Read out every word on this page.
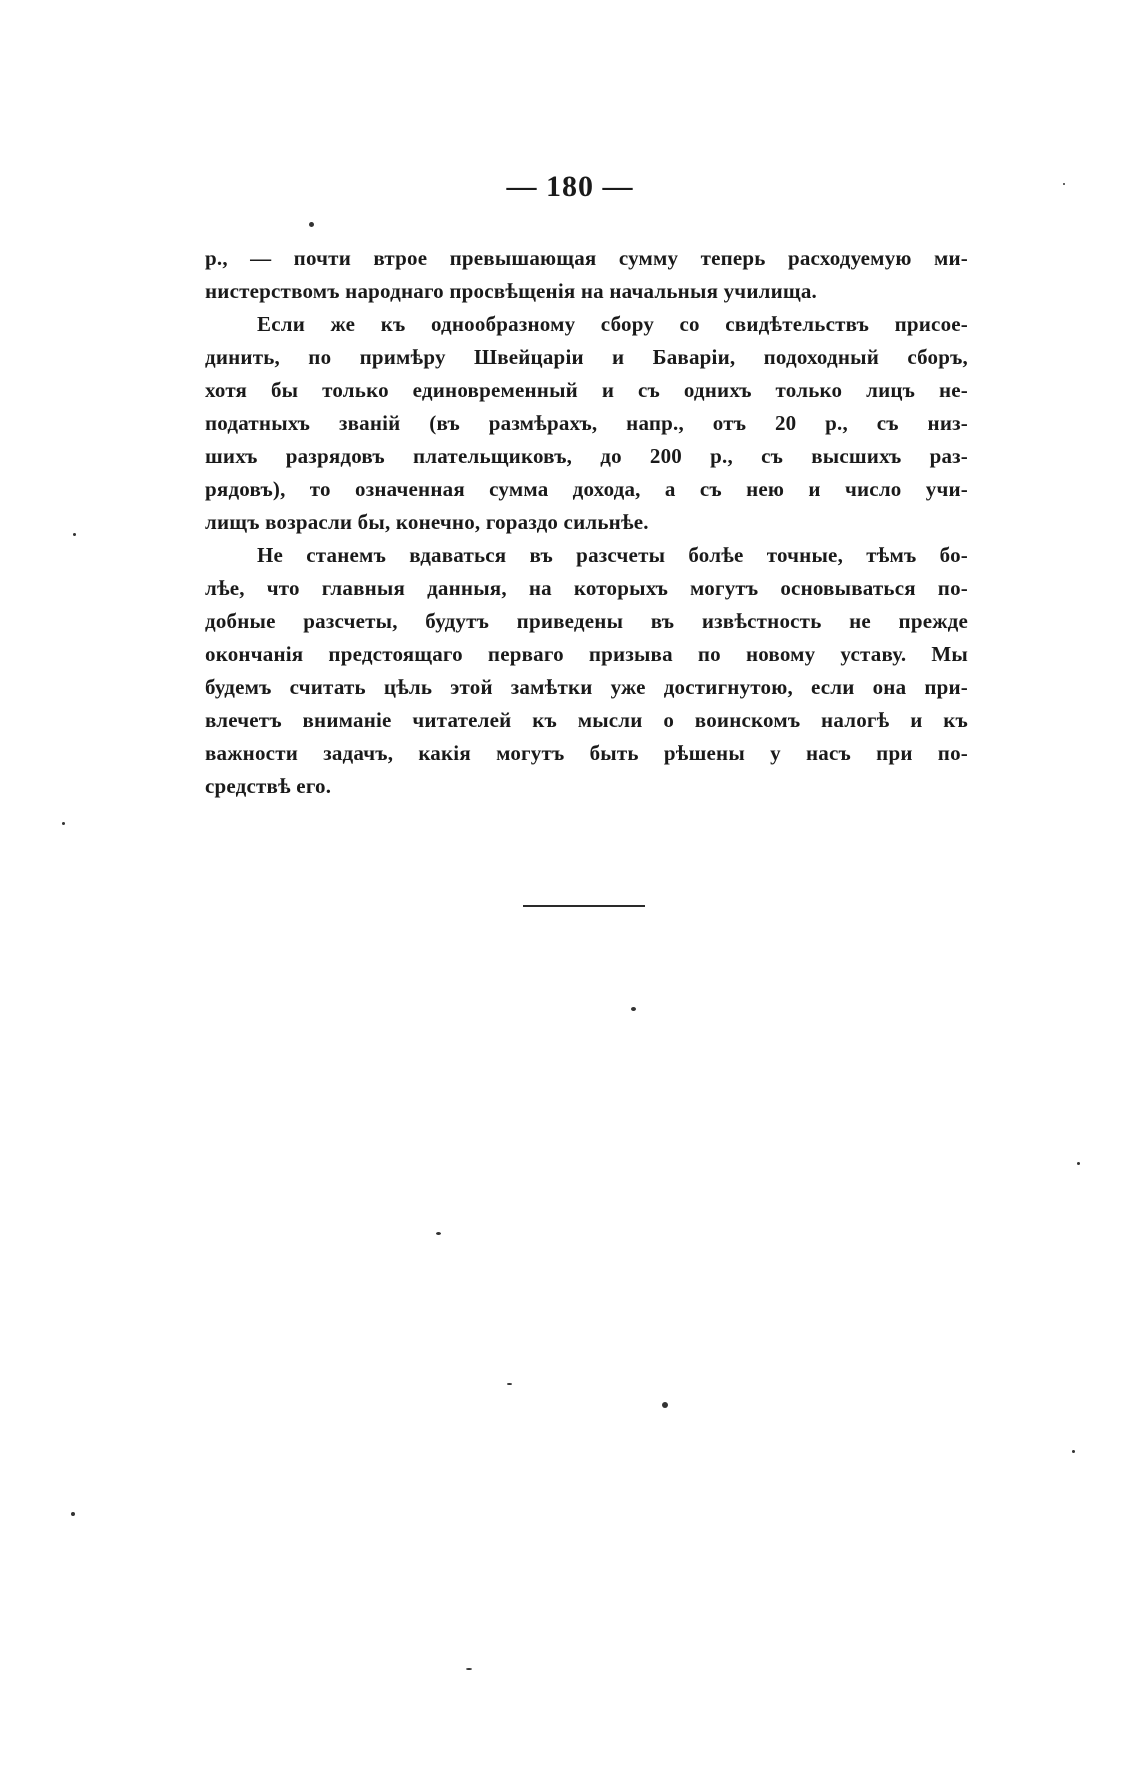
— 180 —
р., — почти втрое превышающая сумму теперь расходуемую ми-
нистерствомъ народнаго просвѣщенія на начальныя училища.
Если же къ однообразному сбору со свидѣтельствъ присое-
динить, по примѣру Швейцаріи и Баваріи, подоходный сборъ,
хотя бы только единовременный и съ однихъ только лицъ не-
податныхъ званій (въ размѣрахъ, напр., отъ 20 р., съ низ-
шихъ разрядовъ плательщиковъ, до 200 р., съ высшихъ раз-
рядовъ), то означенная сумма дохода, а съ нею и число учи-
лищъ возрасли бы, конечно, гораздо сильнѣе.
Не станемъ вдаваться въ разсчеты болѣе точные, тѣмъ бо-
лѣе, что главныя данныя, на которыхъ могутъ основываться по-
добные разсчеты, будутъ приведены въ извѣстность не прежде
окончанія предстоящаго перваго призыва по новому уставу. Мы
будемъ считать цѣль этой замѣтки уже достигнутою, если она при-
влечетъ вниманіе читателей къ мысли о воинскомъ налогѣ и къ
важности задачъ, какія могутъ быть рѣшены у насъ при по-
средствѣ его.
